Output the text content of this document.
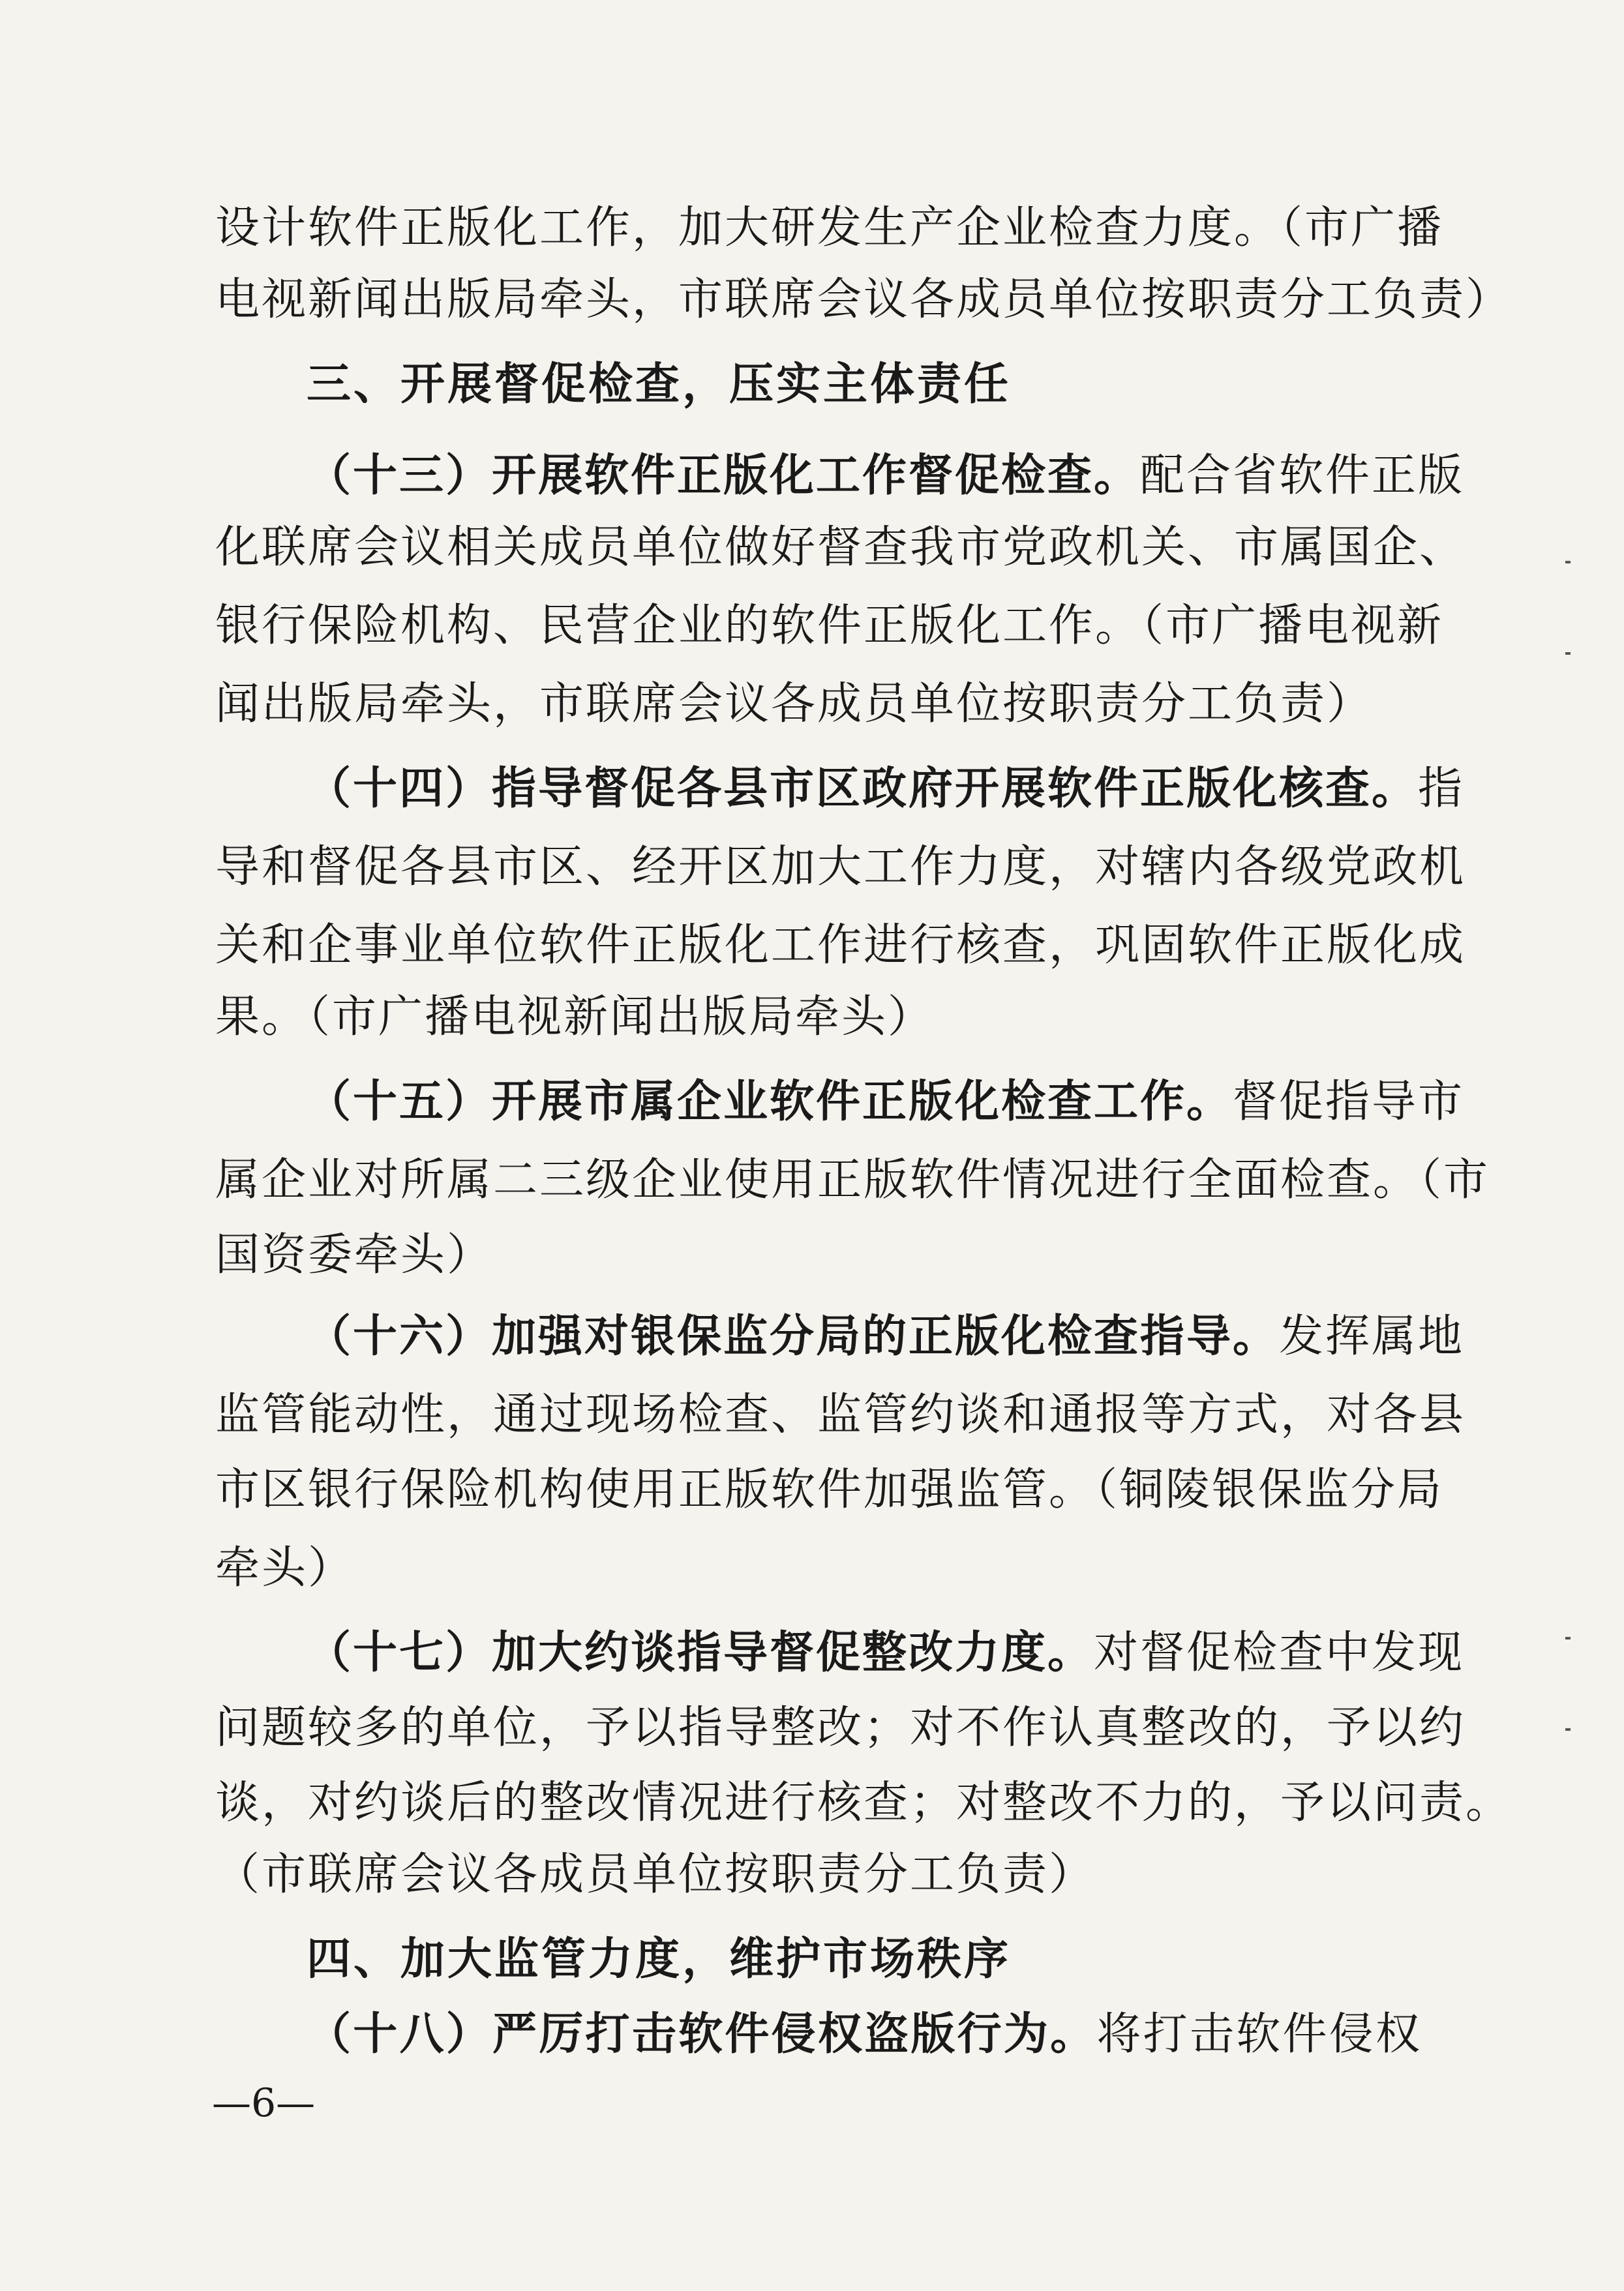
设计软件正版化工作，加大研发生产企业检查力度。（市广播
电视新闻出版局牵头，市联席会议各成员单位按职责分工负责）
三、开展督促检查，压实主体责任
（十三）开展软件正版化工作督促检查。配合省软件正版
化联席会议相关成员单位做好督查我市党政机关、市属国企、
银行保险机构、民营企业的软件正版化工作。（市广播电视新
闻出版局牵头，市联席会议各成员单位按职责分工负责）
（十四）指导督促各县市区政府开展软件正版化核查。指
导和督促各县市区、经开区加大工作力度，对辖内各级党政机
关和企事业单位软件正版化工作进行核查，巩固软件正版化成
果。（市广播电视新闻出版局牵头）
（十五）开展市属企业软件正版化检查工作。督促指导市
属企业对所属二三级企业使用正版软件情况进行全面检查。（市
国资委牵头）
（十六）加强对银保监分局的正版化检查指导。发挥属地
监管能动性，通过现场检查、监管约谈和通报等方式，对各县
市区银行保险机构使用正版软件加强监管。（铜陵银保监分局
牵头）
（十七）加大约谈指导督促整改力度。对督促检查中发现
问题较多的单位，予以指导整改；对不作认真整改的，予以约
谈，对约谈后的整改情况进行核查；对整改不力的，予以问责。
（市联席会议各成员单位按职责分工负责）
四、加大监管力度，维护市场秩序
（十八）严厉打击软件侵权盗版行为。将打击软件侵权
—6—
